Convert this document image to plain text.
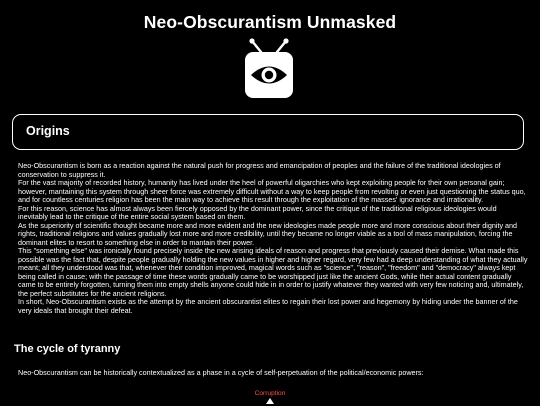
Neo-Obscurantism Unmasked
Origins

Neo-Obscurantism is born as a reaction against the natural push for progress and emancipation of peoples and the failure of the traditional ideologies of conservation to suppress it.

For the vast majority of recorded history, humanity has lived under the heel of powerful oligarchies who kept exploiting people for their own personal gain; however, mantaining this system through sheer force was extremely difficult without a way to keep people from revolting or even just questioning the status quo, and for countless centuries religion has been the main way to achieve this result through the exploitation of the masses' ignorance and irrationality.

For this reason, science has almost always been fiercely opposed by the dominant power, since the critique of the traditional religious ideologies would inevitably lead to the critique of the entire social system based on them.

As the superiority of scientific thought became more and more evident and the new ideologies made people more and more conscious about their dignity and rights, traditional religions and values gradually lost more and more credibility, until they became no longer viable as a tool of mass manipulation, forcing the dominant elites to resort to something else in order to mantain their power.

This "something else" was ironically found precisely inside the new arising ideals of reason and progress that previously caused their demise. What made this possible was the fact that, despite people gradually holding the new values in higher and higher regard, very few had a deep understanding of what they actually meant; all they understood was that, whenever their condition improved, magical words such as "science", "reason", "freedom" and "democracy" always kept being called in cause; with the passage of time these words gradually came to be worshipped just like the ancient Gods, while their actual content gradually came to be entirely forgotten, turning them into empty shells anyone could hide in in order to justify whatever they wanted with very few noticing and, ultimately, the perfect substitutes for the ancient religions.

In short, Neo-Obscurantism exists as the attempt by the ancient obscurantist elites to regain their lost power and hegemony by hiding under the banner of the very ideals that brought their defeat.

The cycle of tyranny
Neo-Obscurantism can be historically contextualized as a phase in a cycle of self-perpetuation of the political/economic powers:
Corruption
